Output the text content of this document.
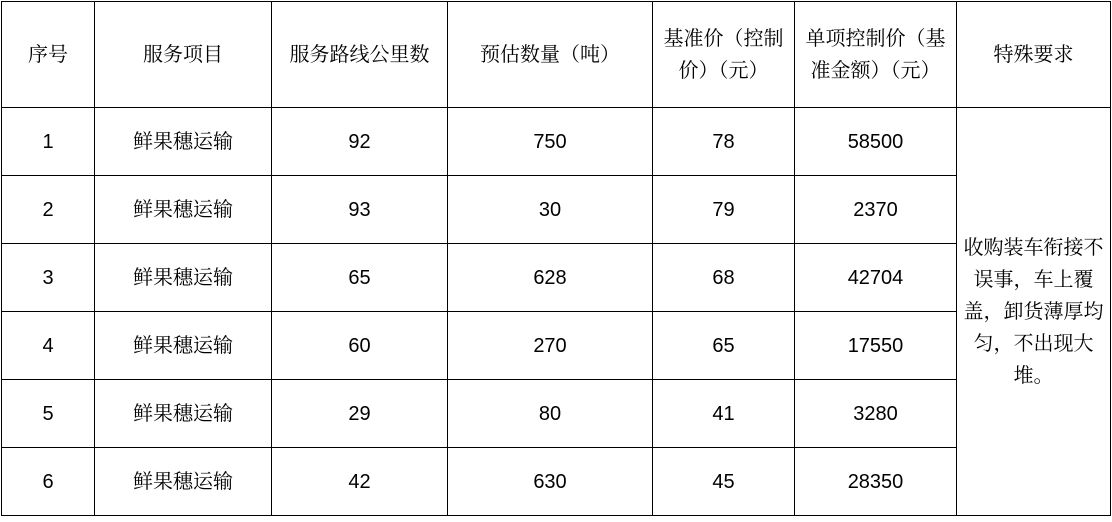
序号	服务项目	服务路线公里数	预估数量（吨）	基准价（控制价）（元）	单项控制价（基准金额）（元）	特殊要求
1	鲜果穗运输	92	750	78	58500	收购装车衔接不误事，车上覆盖，卸货薄厚均匀，不出现大堆。
2	鲜果穗运输	93	30	79	2370	
3	鲜果穗运输	65	628	68	42704	
4	鲜果穗运输	60	270	65	17550	
5	鲜果穗运输	29	80	41	3280	
6	鲜果穗运输	42	630	45	28350	
